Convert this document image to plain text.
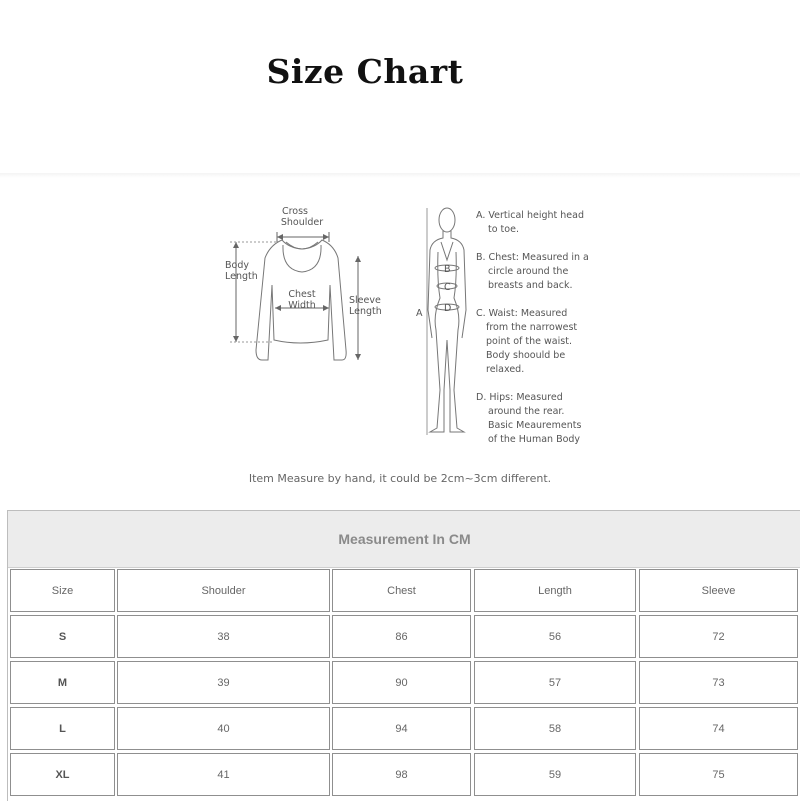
Size Chart
Cross
Shoulder
Body
Length
Chest
Width	Sleeve
Length	A
B
C
D
A. Vertical height head
to toe.
B. Chest: Measured in a
circle around the
breasts and back.
C. Waist: Measured
from the narrowest
point of the waist.
Body shoould be
relaxed.
D. Hips: Measured
around the rear.
Basic Meaurements
of the Human Body
Item Measure by hand, it could be 2cm~3cm different.
Measurement In CM
Size	Shoulder	Chest	Length	Sleeve
S	38	86	56	72
M	39	90	57	73
L	40	94	58	74
XL	41	98	59	75
